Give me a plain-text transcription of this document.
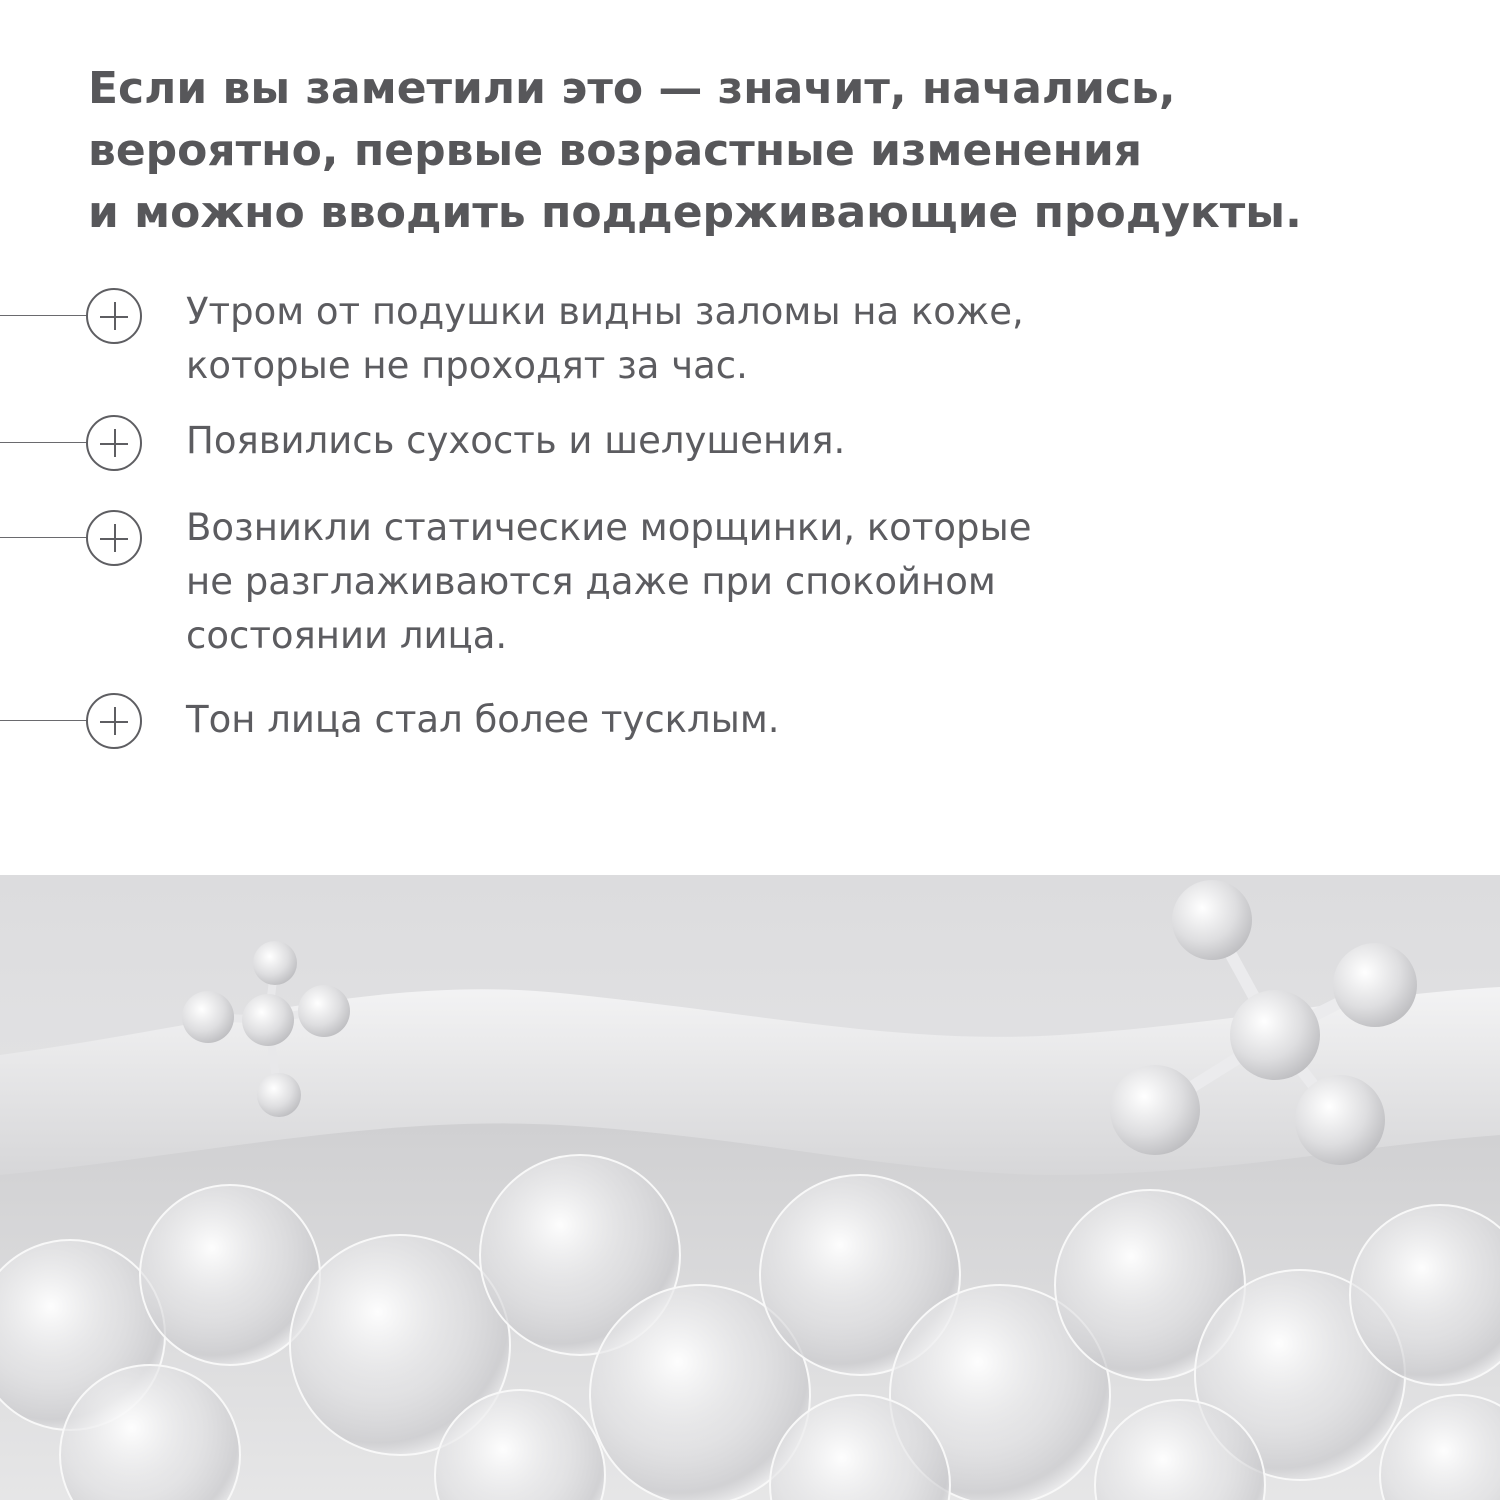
Если вы заметили это — значит, начались,
вероятно, первые возрастные изменения
и можно вводить поддерживающие продукты.
Утром от подушки видны заломы на коже,
которые не проходят за час.
Появились сухость и шелушения.
Возникли статические морщинки, которые
не разглаживаются даже при спокойном
состоянии лица.
Тон лица стал более тусклым.
